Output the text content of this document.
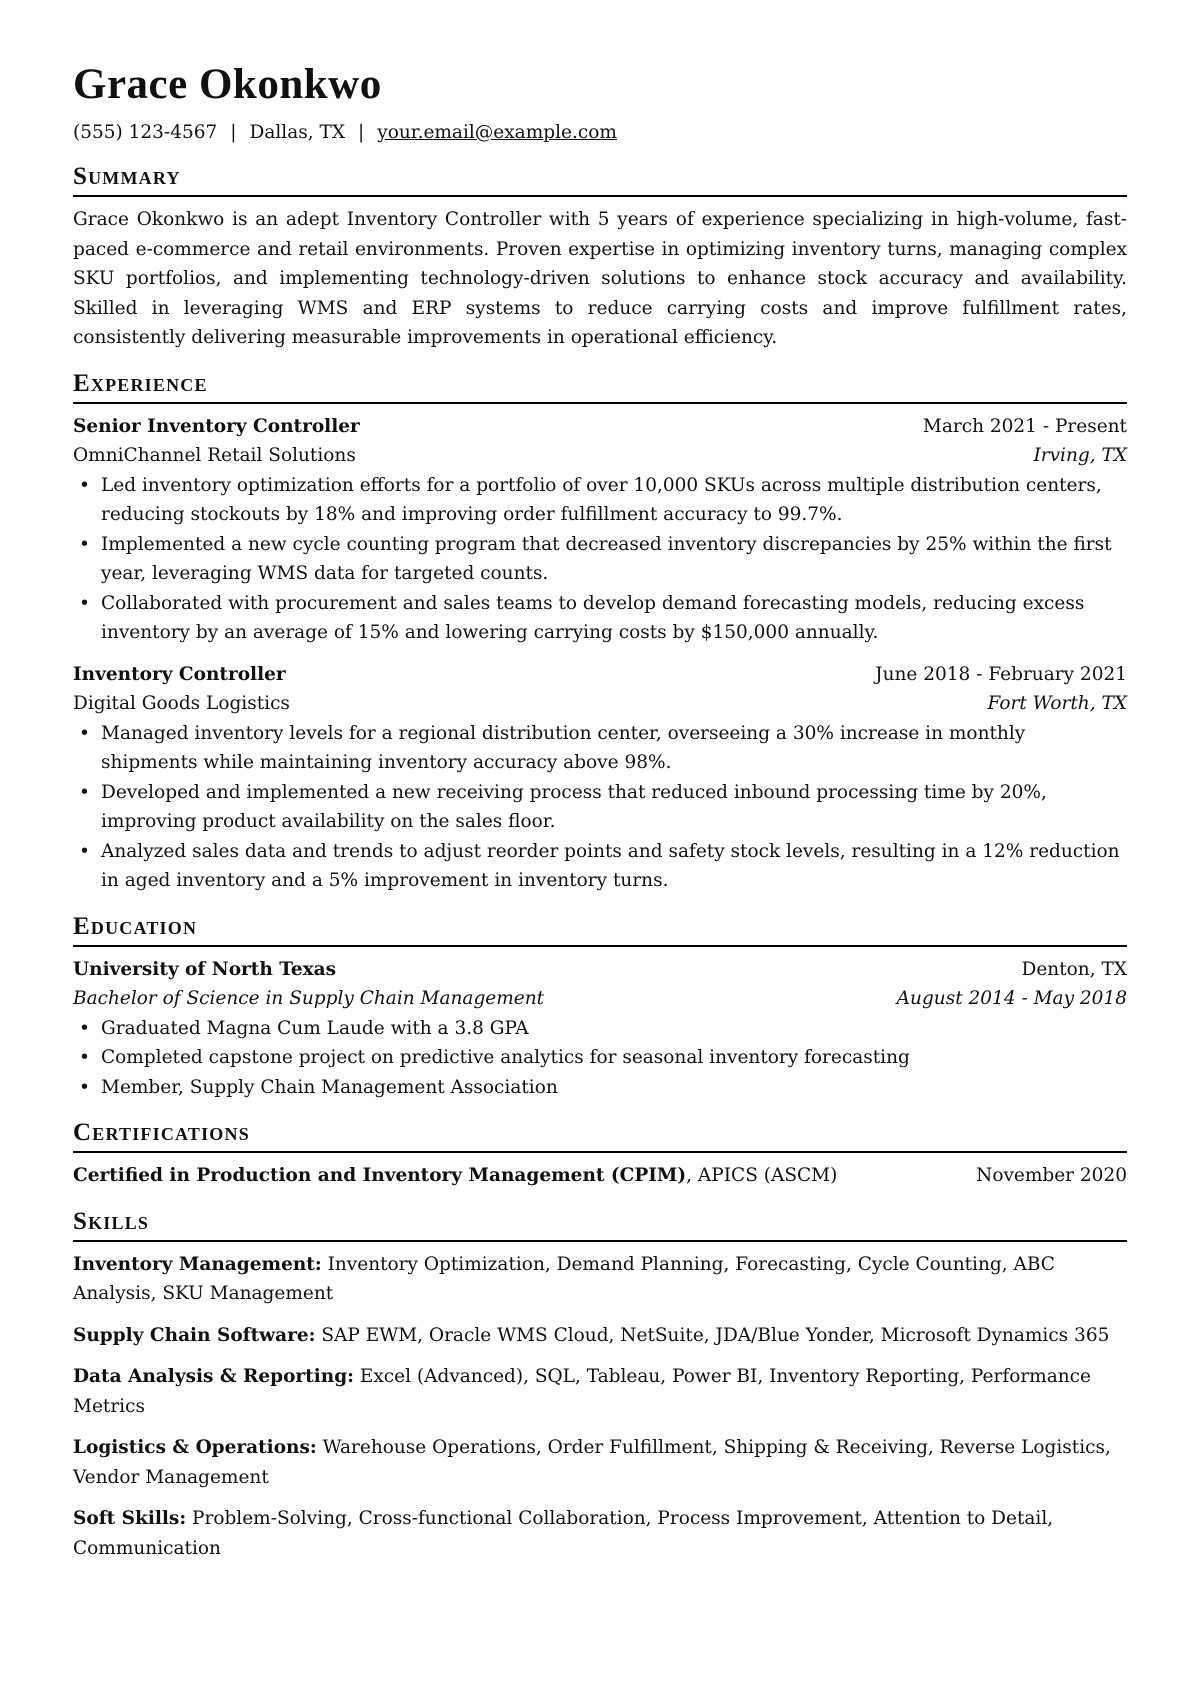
Grace Okonkwo
(555) 123-4567 | Dallas, TX | your.email@example.com
Summary

Grace Okonkwo is an adept Inventory Controller with 5 years of experience specializing in high-volume, fast-paced e-commerce and retail environments. Proven expertise in optimizing inventory turns, managing complex SKU portfolios, and implementing technology-driven solutions to enhance stock accuracy and availability. Skilled in leveraging WMS and ERP systems to reduce carrying costs and improve fulfillment rates, consistently delivering measurable improvements in operational efficiency.

Experience
Senior Inventory Controller	March 2021 - Present
OmniChannel Retail Solutions	Irving, TX
• Led inventory optimization efforts for a portfolio of over 10,000 SKUs across multiple distribution centers, reducing stockouts by 18% and improving order fulfillment accuracy to 99.7%.
• Implemented a new cycle counting program that decreased inventory discrepancies by 25% within the first year, leveraging WMS data for targeted counts.
• Collaborated with procurement and sales teams to develop demand forecasting models, reducing excess inventory by an average of 15% and lowering carrying costs by $150,000 annually.
Inventory Controller	June 2018 - February 2021
Digital Goods Logistics	Fort Worth, TX
• Managed inventory levels for a regional distribution center, overseeing a 30% increase in monthly shipments while maintaining inventory accuracy above 98%.
• Developed and implemented a new receiving process that reduced inbound processing time by 20%, improving product availability on the sales floor.
• Analyzed sales data and trends to adjust reorder points and safety stock levels, resulting in a 12% reduction in aged inventory and a 5% improvement in inventory turns.
Education
University of North Texas	Denton, TX
Bachelor of Science in Supply Chain Management	August 2014 - May 2018
• Graduated Magna Cum Laude with a 3.8 GPA
• Completed capstone project on predictive analytics for seasonal inventory forecasting
• Member, Supply Chain Management Association
Certifications
Certified in Production and Inventory Management (CPIM), APICS (ASCM)	November 2020
Skills
Inventory Management: Inventory Optimization, Demand Planning, Forecasting, Cycle Counting, ABC Analysis, SKU Management
Supply Chain Software: SAP EWM, Oracle WMS Cloud, NetSuite, JDA/Blue Yonder, Microsoft Dynamics 365
Data Analysis & Reporting: Excel (Advanced), SQL, Tableau, Power BI, Inventory Reporting, Performance Metrics
Logistics & Operations: Warehouse Operations, Order Fulfillment, Shipping & Receiving, Reverse Logistics, Vendor Management
Soft Skills: Problem-Solving, Cross-functional Collaboration, Process Improvement, Attention to Detail, Communication
